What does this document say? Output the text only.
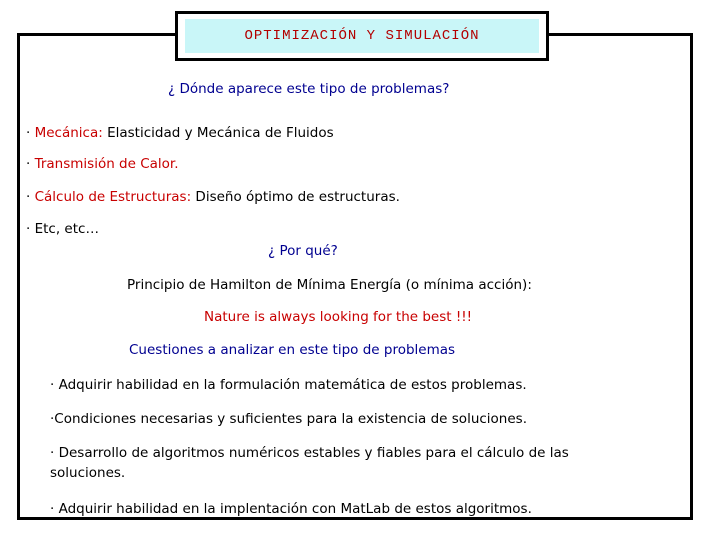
OPTIMIZACIÓN Y SIMULACIÓN
¿ Dónde aparece este tipo de problemas?
· Mecánica: Elasticidad y Mecánica de Fluidos
· Transmisión de Calor.
· Cálculo de Estructuras: Diseño óptimo de estructuras.
· Etc, etc…
¿ Por qué?
Principio de Hamilton de Mínima Energía (o mínima acción):
Nature is always looking for the best !!!
Cuestiones a analizar en este tipo de problemas
· Adquirir habilidad en la formulación matemática de estos problemas.
·Condiciones necesarias y suficientes para la existencia de soluciones.
· Desarrollo de algoritmos numéricos estables y fiables para el cálculo de las soluciones.
· Adquirir habilidad en la implentación con MatLab de estos algoritmos.
